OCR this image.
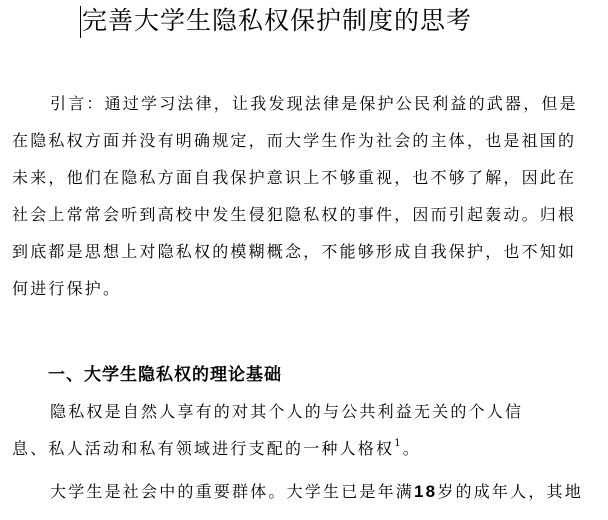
完善大学生隐私权保护制度的思考

引言：通过学习法律，让我发现法律是保护公民利益的武器，但是

在隐私权方面并没有明确规定，而大学生作为社会的主体，也是祖国的

未来，他们在隐私方面自我保护意识上不够重视，也不够了解，因此在

社会上常常会听到高校中发生侵犯隐私权的事件，因而引起轰动。归根

到底都是思想上对隐私权的模糊概念，不能够形成自我保护，也不知如

何进行保护。

一、大学生隐私权的理论基础

隐私权是自然人享有的对其个人的与公共利益无关的个人信

息、私人活动和私有领域进行支配的一种人格权$^1$。

大学生是社会中的重要群体。大学生已是年满18岁的成年人，其地
